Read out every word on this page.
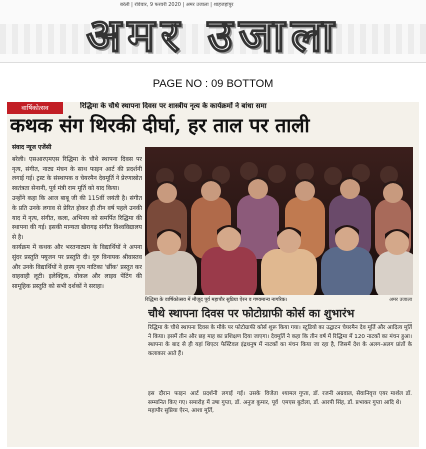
बरेली | रविवार, 9 फरवरी 2020 | अमर उजाला | शाहजहांपुर
अमर उजाला
PAGE NO : 09 BOTTOM
वार्षिकोत्सव	रिद्धिमा के चौथे स्थापना दिवस पर शास्त्रीय नृत्य के कार्यक्रमों ने बांधा समा
कथक संग थिरकी दीर्घा, हर ताल पर ताली
संवाद न्यूज एजेंसी

बरेली। एसआरएमएस रिद्धिमा के चौथे स्थापना दिवस पर नृत्य, संगीत, नाट्य मंचन के साथ फाइन आर्ट की प्रदर्शनी लगाई गई। ट्रस्ट के संस्थापक व चेयरमैन देवमूर्ति ने प्रेरणास्रोत स्वतंत्रता सेनानी, पूर्व मंत्री राम मूर्ति को याद किया।

उन्होंने कहा कि आज बाबू जी की 115वीं जयंती है। संगीत के प्रति उनके लगाव से प्रेरित होकर ही तीन वर्ष पहले उनकी याद में नृत्य, संगीत, कला, अभिनय को समर्पित रिद्धिमा की स्थापना की गई। इसकी मान्यता खैरागढ़ संगीत विश्वविद्यालय से है।

कार्यक्रम में कथक और भरतनाट्यम के विद्यार्थियों ने अपना सुंदर प्रस्तुति फ्यूजन पर प्रस्तुति दी। गुरु विनायक श्रीवास्तव और उनके विद्यार्थियों ने हास्य नृत्य नाटिका 'छींक' प्रस्तुत कर वाहवाही लूटी। इलेक्ट्रिक, वोकल और लाइव पेंटिंग की सामूहिक प्रस्तुति को सभी दर्शकों ने सराहा।

रिद्धिमा के वार्षिकोत्सव में मौजूद पूर्व महापौर सुप्रिया ऐरन व गण्यमान्य नागरिक।	अमर उजाला
चौथे स्थापना दिवस पर फोटोग्राफी कोर्स का शुभारंभ
रिद्धिमा के चौथे स्थापना दिवस के मौके पर फोटोग्राफी कोर्स शुरू किया गया। स्टूडियो का उद्घाटन चेयरमैन देव मूर्ति और आदित्य मूर्ति ने किया। इसमें तीन और छह माह का प्रशिक्षण दिया जाएगा। देवमूर्ति ने कहा कि तीन वर्ष में रिद्धिमा में 120 नाटकों का मंचन हुआ। स्थापना के बाद से ही यहां थिएटर फेस्टिवल इंद्रधनुष में नाटकों का मंचन किया जा रहा है, जिसमें देश के अलग-अलग प्रांतों के कलाकार आते हैं।
इस दौरान फाइन आर्ट प्रदर्शनी लगाई गई। उसके विजेता सम्मानित किए गए। समारोह में उषा गुप्ता, डॉ. अनुज कुमार, पूर्व महापौर सुप्रिया ऐरन, आशा मूर्ति,
श्यामल गुप्ता, डॉ. रजनी अग्रवाल, सेवानिवृत्त एयर मार्शल डॉ. एमएस बुटोला, डॉ. आरपी सिंह, डॉ. प्रभाकर गुप्ता आदि थे।
